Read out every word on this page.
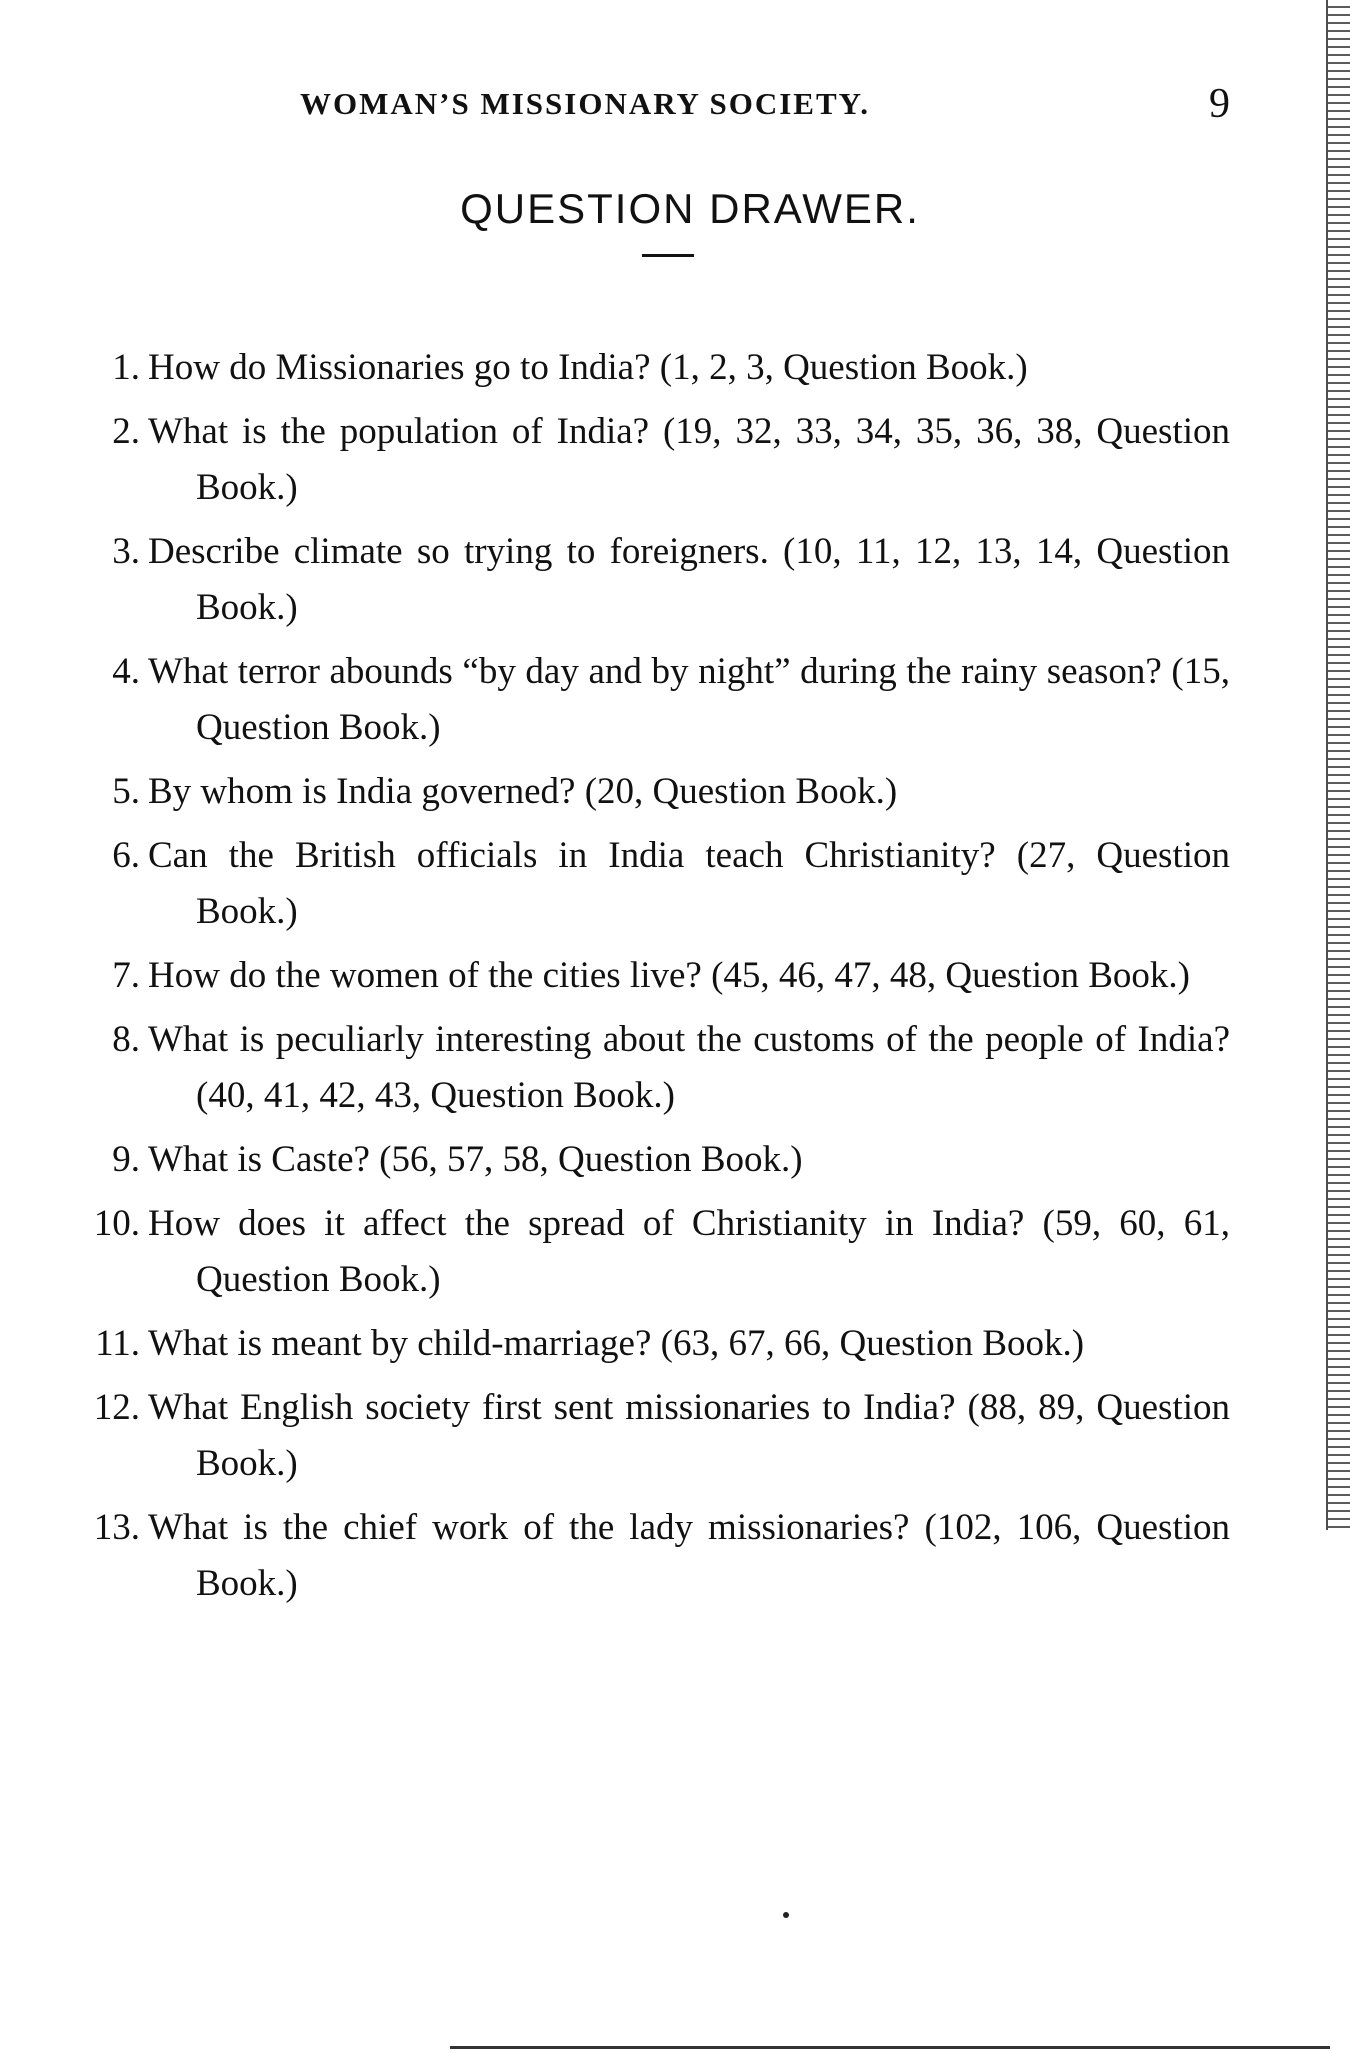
WOMAN’S MISSIONARY SOCIETY.	9
QUESTION DRAWER.
1. How do Missionaries go to India? (1, 2, 3, Question Book.)
2. What is the population of India? (19, 32, 33, 34, 35, 36, 38, Question Book.)
3. Describe climate so trying to foreigners. (10, 11, 12, 13, 14, Question Book.)
4. What terror abounds “by day and by night” during the rainy season? (15, Question Book.)
5. By whom is India governed? (20, Question Book.)
6. Can the British officials in India teach Christianity? (27, Question Book.)
7. How do the women of the cities live? (45, 46, 47, 48, Question Book.)
8. What is peculiarly interesting about the customs of the people of India? (40, 41, 42, 43, Question Book.)
9. What is Caste? (56, 57, 58, Question Book.)
10. How does it affect the spread of Christianity in India? (59, 60, 61, Question Book.)
11. What is meant by child-marriage? (63, 67, 66, Question Book.)
12. What English society first sent missionaries to India? (88, 89, Question Book.)
13. What is the chief work of the lady missionaries? (102, 106, Question Book.)
